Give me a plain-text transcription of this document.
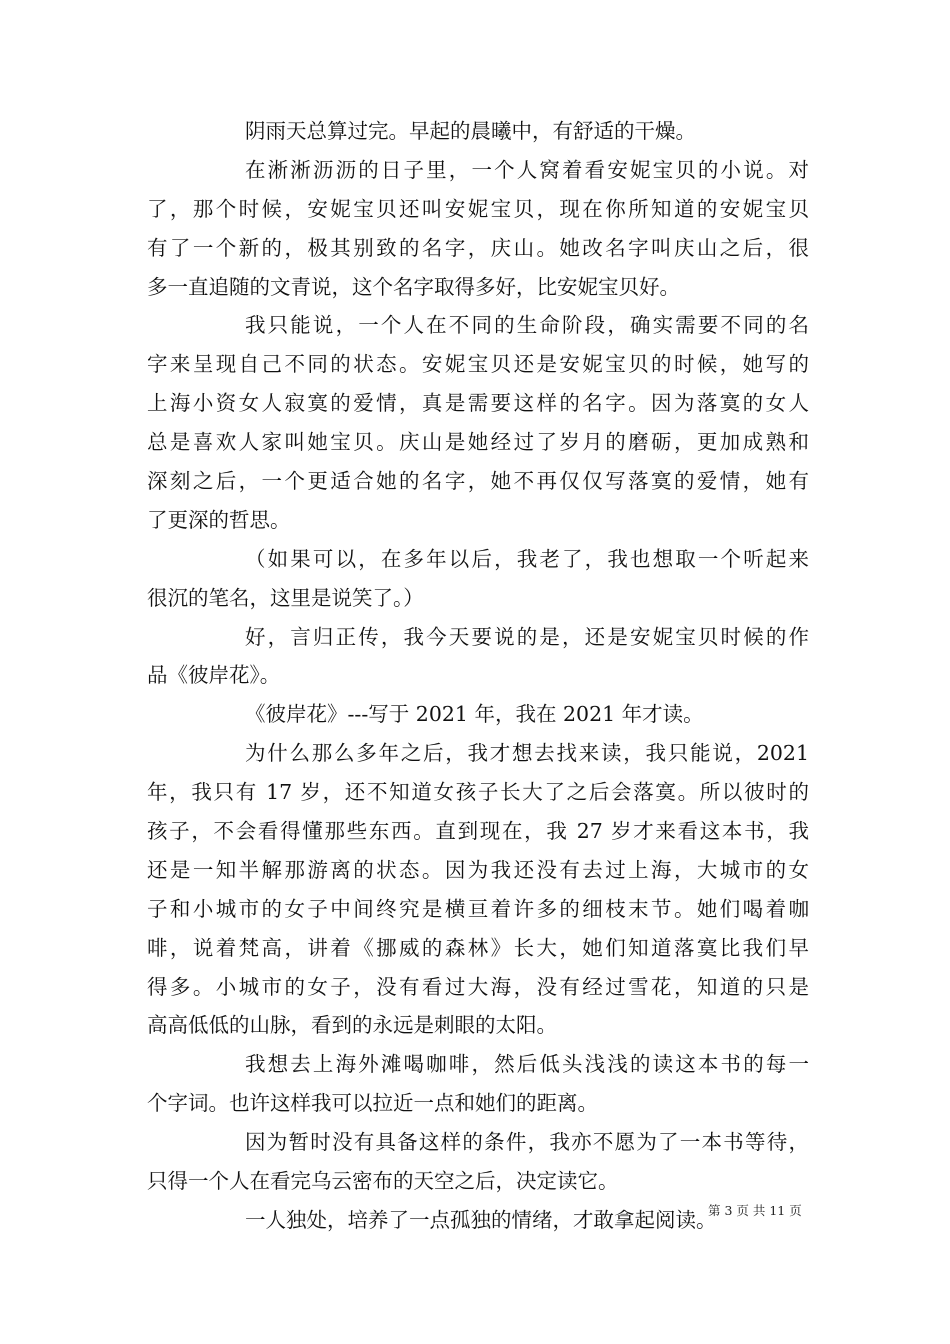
阴雨天总算过完。早起的晨曦中，有舒适的干燥。
在淅淅沥沥的日子里，一个人窝着看安妮宝贝的小说。对
了，那个时候，安妮宝贝还叫安妮宝贝，现在你所知道的安妮宝贝
有了一个新的，极其别致的名字，庆山。她改名字叫庆山之后，很
多一直追随的文青说，这个名字取得多好，比安妮宝贝好。
我只能说，一个人在不同的生命阶段，确实需要不同的名
字来呈现自己不同的状态。安妮宝贝还是安妮宝贝的时候，她写的
上海小资女人寂寞的爱情，真是需要这样的名字。因为落寞的女人
总是喜欢人家叫她宝贝。庆山是她经过了岁月的磨砺，更加成熟和
深刻之后，一个更适合她的名字，她不再仅仅写落寞的爱情，她有
了更深的哲思。
（如果可以，在多年以后，我老了，我也想取一个听起来
很沉的笔名，这里是说笑了。）
好，言归正传，我今天要说的是，还是安妮宝贝时候的作
品《彼岸花》。
《彼岸花》---写于 2021 年，我在 2021 年才读。
为什么那么多年之后，我才想去找来读，我只能说，2021
年，我只有 17 岁，还不知道女孩子长大了之后会落寞。所以彼时的
孩子，不会看得懂那些东西。直到现在，我 27 岁才来看这本书，我
还是一知半解那游离的状态。因为我还没有去过上海，大城市的女
子和小城市的女子中间终究是横亘着许多的细枝末节。她们喝着咖
啡，说着梵高，讲着《挪威的森林》长大，她们知道落寞比我们早
得多。小城市的女子，没有看过大海，没有经过雪花，知道的只是
高高低低的山脉，看到的永远是刺眼的太阳。
我想去上海外滩喝咖啡，然后低头浅浅的读这本书的每一
个字词。也许这样我可以拉近一点和她们的距离。
因为暂时没有具备这样的条件，我亦不愿为了一本书等待，
只得一个人在看完乌云密布的天空之后，决定读它。
一人独处，培养了一点孤独的情绪，才敢拿起阅读。
第 3 页 共 11 页
